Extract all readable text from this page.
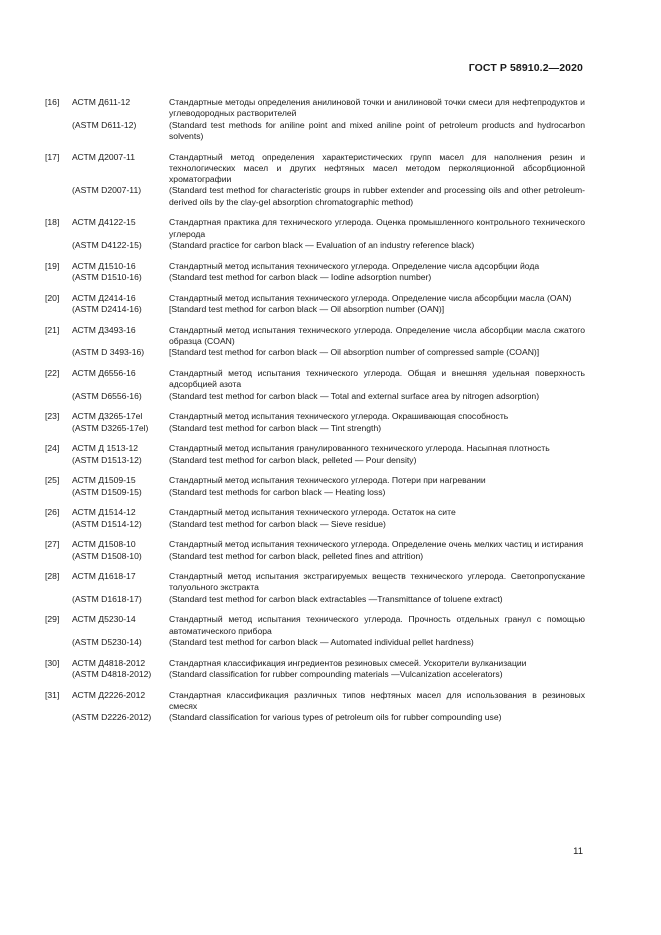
ГОСТ Р 58910.2—2020
[16]	АСТМ Д611-12	Стандартные методы определения анилиновой точки и анилиновой точки смеси для нефтепродуктов и углеводородных растворителей
(ASTM D611-12)	(Standard test methods for aniline point and mixed aniline point of petroleum products and hydrocarbon solvents)
[17]	АСТМ Д2007-11	Стандартный метод определения характеристических групп масел для наполнения резин и технологических масел и других нефтяных масел методом перколяционной абсорбционной хроматографии
(ASTM D2007-11)	(Standard test method for characteristic groups in rubber extender and processing oils and other petroleum-derived oils by the clay-gel absorption chromatographic method)
[18]	АСТМ Д4122-15	Стандартная практика для технического углерода. Оценка промышленного контрольного технического углерода
(ASTM D4122-15)	(Standard practice for carbon black — Evaluation of an industry reference black)
[19]	АСТМ Д1510-16	Стандартный метод испытания технического углерода. Определение числа адсорбции йода
(ASTM D1510-16)	(Standard test method for carbon black — Iodine adsorption number)
[20]	АСТМ Д2414-16	Стандартный метод испытания технического углерода. Определение числа абсорбции масла (OAN)
(ASTM D2414-16)	[Standard test method for carbon black — Oil absorption number (OAN)]
[21]	АСТМ Д3493-16	Стандартный метод испытания технического углерода. Определение числа абсорбции масла сжатого образца (COAN)
(ASTM D 3493-16)	[Standard test method for carbon black — Oil absorption number of compressed sample (COAN)]
[22]	АСТМ Д6556-16	Стандартный метод испытания технического углерода. Общая и внешняя удельная поверхность адсорбцией азота
(ASTM D6556-16)	(Standard test method for carbon black — Total and external surface area by nitrogen adsorption)
[23]	АСТМ Д3265-17el	Стандартный метод испытания технического углерода. Окрашивающая способность
(ASTM D3265-17el)	(Standard test method for carbon black — Tint strength)
[24]	АСТМ Д 1513-12	Стандартный метод испытания гранулированного технического углерода. Насыпная плотность
(ASTM D1513-12)	(Standard test method for carbon black, pelleted — Pour density)
[25]	АСТМ Д1509-15	Стандартный метод испытания технического углерода. Потери при нагревании
(ASTM D1509-15)	(Standard test methods for carbon black — Heating loss)
[26]	АСТМ Д1514-12	Стандартный метод испытания технического углерода. Остаток на сите
(ASTM D1514-12)	(Standard test method for carbon black — Sieve residue)
[27]	АСТМ Д1508-10	Стандартный метод испытания технического углерода. Определение очень мелких частиц и истирания
(ASTM D1508-10)	(Standard test method for carbon black, pelleted fines and attrition)
[28]	АСТМ Д1618-17	Стандартный метод испытания экстрагируемых веществ технического углерода. Светопропускание толуольного экстракта
(ASTM D1618-17)	(Standard test method for carbon black extractables —Transmittance of toluene extract)
[29]	АСТМ Д5230-14	Стандартный метод испытания технического углерода. Прочность отдельных гранул с помощью автоматического прибора
(ASTM D5230-14)	(Standard test method for carbon black — Automated individual pellet hardness)
[30]	АСТМ Д4818-2012	Стандартная классификация ингредиентов резиновых смесей. Ускорители вулканизации
(ASTM D4818-2012)	(Standard classification for rubber compounding materials —Vulcanization accelerators)
[31]	АСТМ Д2226-2012	Стандартная классификация различных типов нефтяных масел для использования в резиновых смесях
(ASTM D2226-2012)	(Standard classification for various types of petroleum oils for rubber compounding use)
11
